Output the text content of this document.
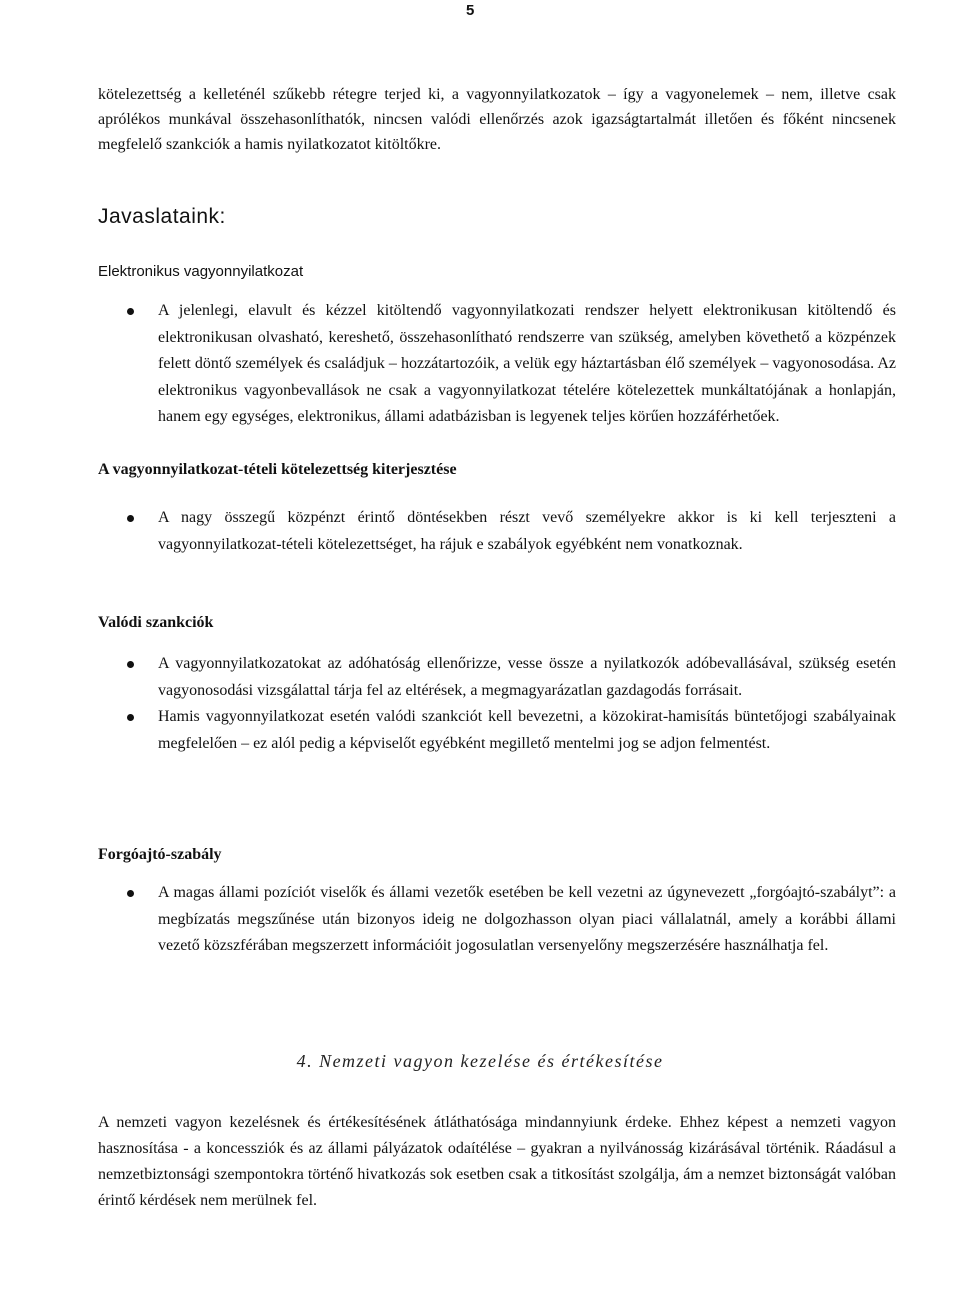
5

kötelezettség a kelleténél szűkebb rétegre terjed ki, a vagyonnyilatkozatok – így a vagyonelemek – nem, illetve csak aprólékos munkával összehasonlíthatók, nincsen valódi ellenőrzés azok igazságtartalmát illetően és főként nincsenek megfelelő szankciók a hamis nyilatkozatot kitöltőkre.

Javaslataink:
Elektronikus vagyonnyilatkozat
A jelenlegi, elavult és kézzel kitöltendő vagyonnyilatkozati rendszer helyett elektronikusan kitöltendő és elektronikusan olvasható, kereshető, összehasonlítható rendszerre van szükség, amelyben követhető a közpénzek felett döntő személyek és családjuk – hozzátartozóik, a velük egy háztartásban élő személyek – vagyonosodása. Az elektronikus vagyonbevallások ne csak a vagyonnyilatkozat tételére kötelezettek munkáltatójának a honlapján, hanem egy egységes, elektronikus, állami adatbázisban is legyenek teljes körűen hozzáférhetőek.
A vagyonnyilatkozat-tételi kötelezettség kiterjesztése
A nagy összegű közpénzt érintő döntésekben részt vevő személyekre akkor is ki kell terjeszteni a vagyonnyilatkozat-tételi kötelezettséget, ha rájuk e szabályok egyébként nem vonatkoznak.
Valódi szankciók
A vagyonnyilatkozatokat az adóhatóság ellenőrizze, vesse össze a nyilatkozók adóbevallásával, szükség esetén vagyonosodási vizsgálattal tárja fel az eltérések, a megmagyarázatlan gazdagodás forrásait.
Hamis vagyonnyilatkozat esetén valódi szankciót kell bevezetni, a közokirat-hamisítás büntetőjogi szabályainak megfelelően – ez alól pedig a képviselőt egyébként megillető mentelmi jog se adjon felmentést.
Forgóajtó-szabály
A magas állami pozíciót viselők és állami vezetők esetében be kell vezetni az úgynevezett „forgóajtó-szabályt”: a megbízatás megszűnése után bizonyos ideig ne dolgozhasson olyan piaci vállalatnál, amely a korábbi állami vezető közszférában megszerzett információit jogosulatlan versenyelőny megszerzésére használhatja fel.
4. Nemzeti vagyon kezelése és értékesítése

A nemzeti vagyon kezelésnek és értékesítésének átláthatósága mindannyiunk érdeke. Ehhez képest a nemzeti vagyon hasznosítása - a koncessziók és az állami pályázatok odaítélése – gyakran a nyilvánosság kizárásával történik. Ráadásul a nemzetbiztonsági szempontokra történő hivatkozás sok esetben csak a titkosítást szolgálja, ám a nemzet biztonságát valóban érintő kérdések nem merülnek fel.
